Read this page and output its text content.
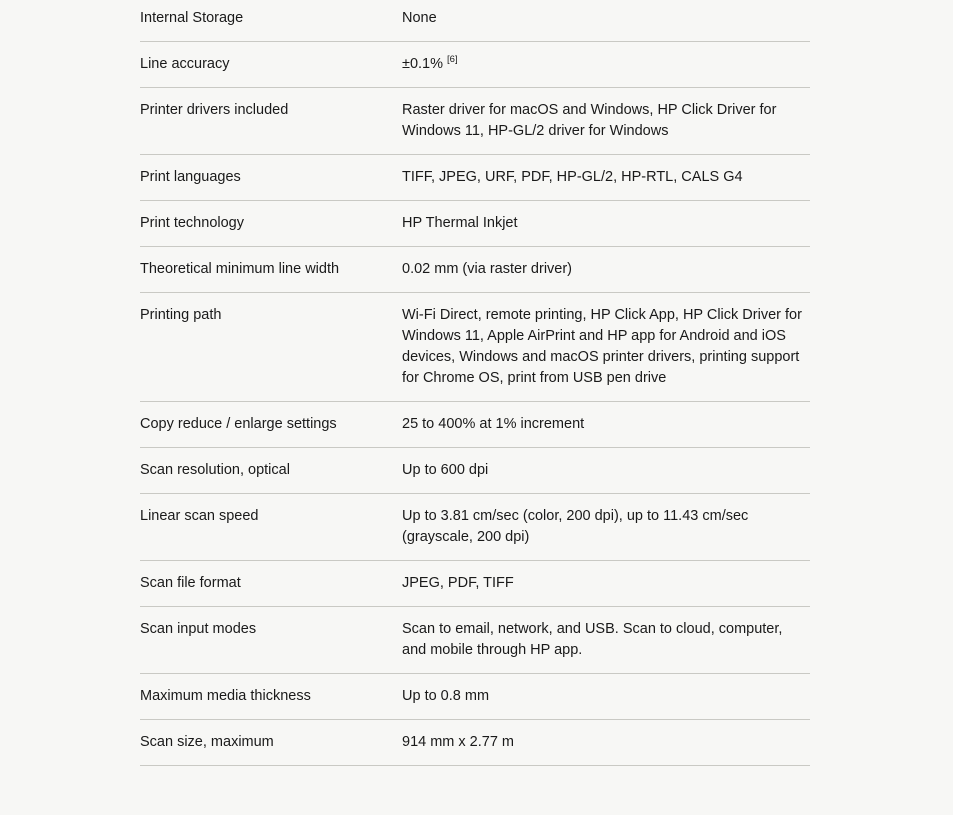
Internal Storage	None
Line accuracy	±0.1% [6]
Printer drivers included	Raster driver for macOS and Windows, HP Click Driver for Windows 11, HP-GL/2 driver for Windows
Print languages	TIFF, JPEG, URF, PDF, HP-GL/2, HP-RTL, CALS G4
Print technology	HP Thermal Inkjet
Theoretical minimum line width	0.02 mm (via raster driver)
Printing path	Wi-Fi Direct, remote printing, HP Click App, HP Click Driver for Windows 11, Apple AirPrint and HP app for Android and iOS devices, Windows and macOS printer drivers, printing support for Chrome OS, print from USB pen drive
Copy reduce / enlarge settings	25 to 400% at 1% increment
Scan resolution, optical	Up to 600 dpi
Linear scan speed	Up to 3.81 cm/sec (color, 200 dpi), up to 11.43 cm/sec (grayscale, 200 dpi)
Scan file format	JPEG, PDF, TIFF
Scan input modes	Scan to email, network, and USB. Scan to cloud, computer, and mobile through HP app.
Maximum media thickness	Up to 0.8 mm
Scan size, maximum	914 mm x 2.77 m
